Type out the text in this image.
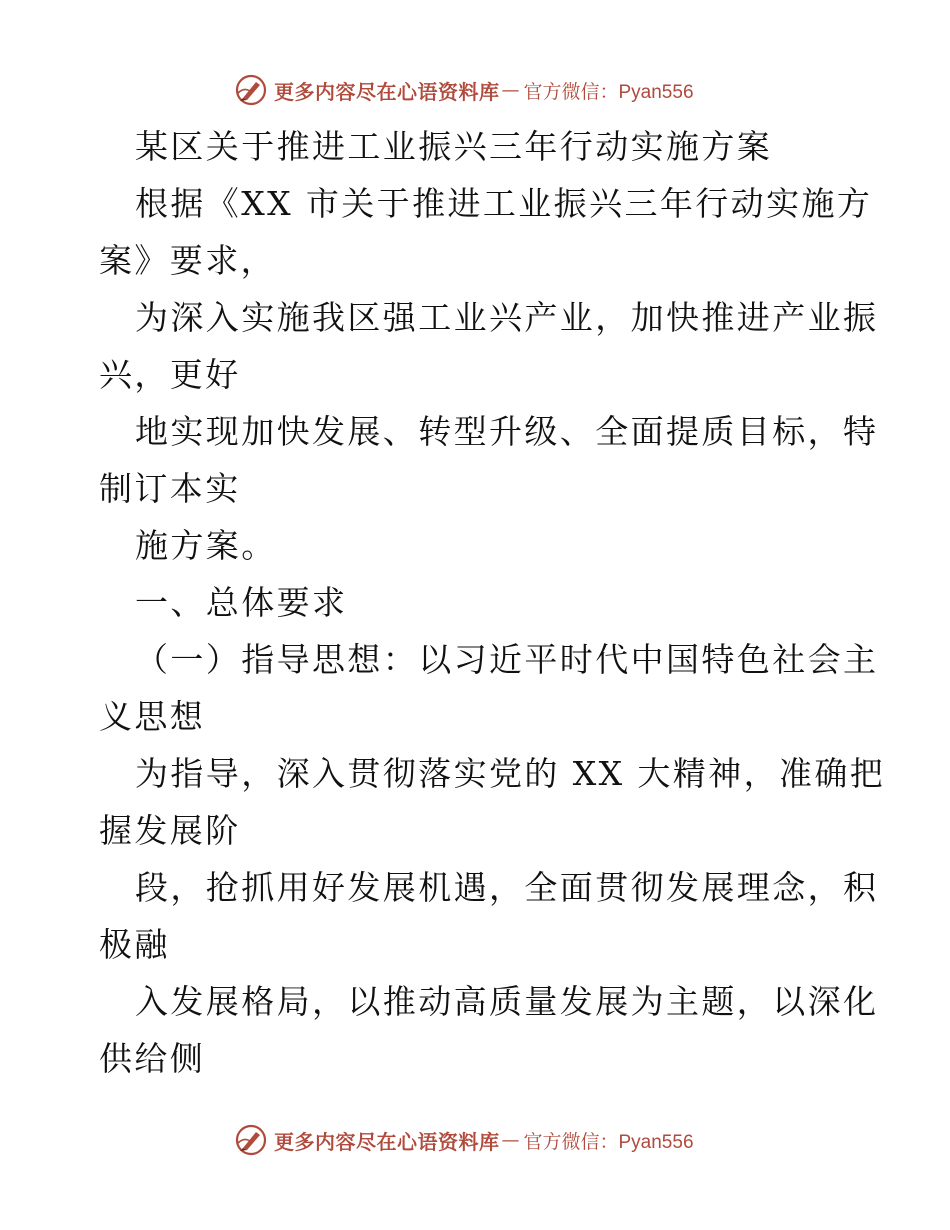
更多内容尽在心语资料库 — 官方微信：Pyan556
某区关于推进工业振兴三年行动实施方案
根据《XX 市关于推进工业振兴三年行动实施方
案》要求，
为深入实施我区强工业兴产业，加快推进产业振
兴，更好
地实现加快发展、转型升级、全面提质目标，特
制订本实
施方案。
一、总体要求
（一）指导思想：以习近平时代中国特色社会主
义思想
为指导，深入贯彻落实党的 XX 大精神，准确把
握发展阶
段，抢抓用好发展机遇，全面贯彻发展理念，积
极融
入发展格局，以推动高质量发展为主题，以深化
供给侧
更多内容尽在心语资料库 — 官方微信：Pyan556
